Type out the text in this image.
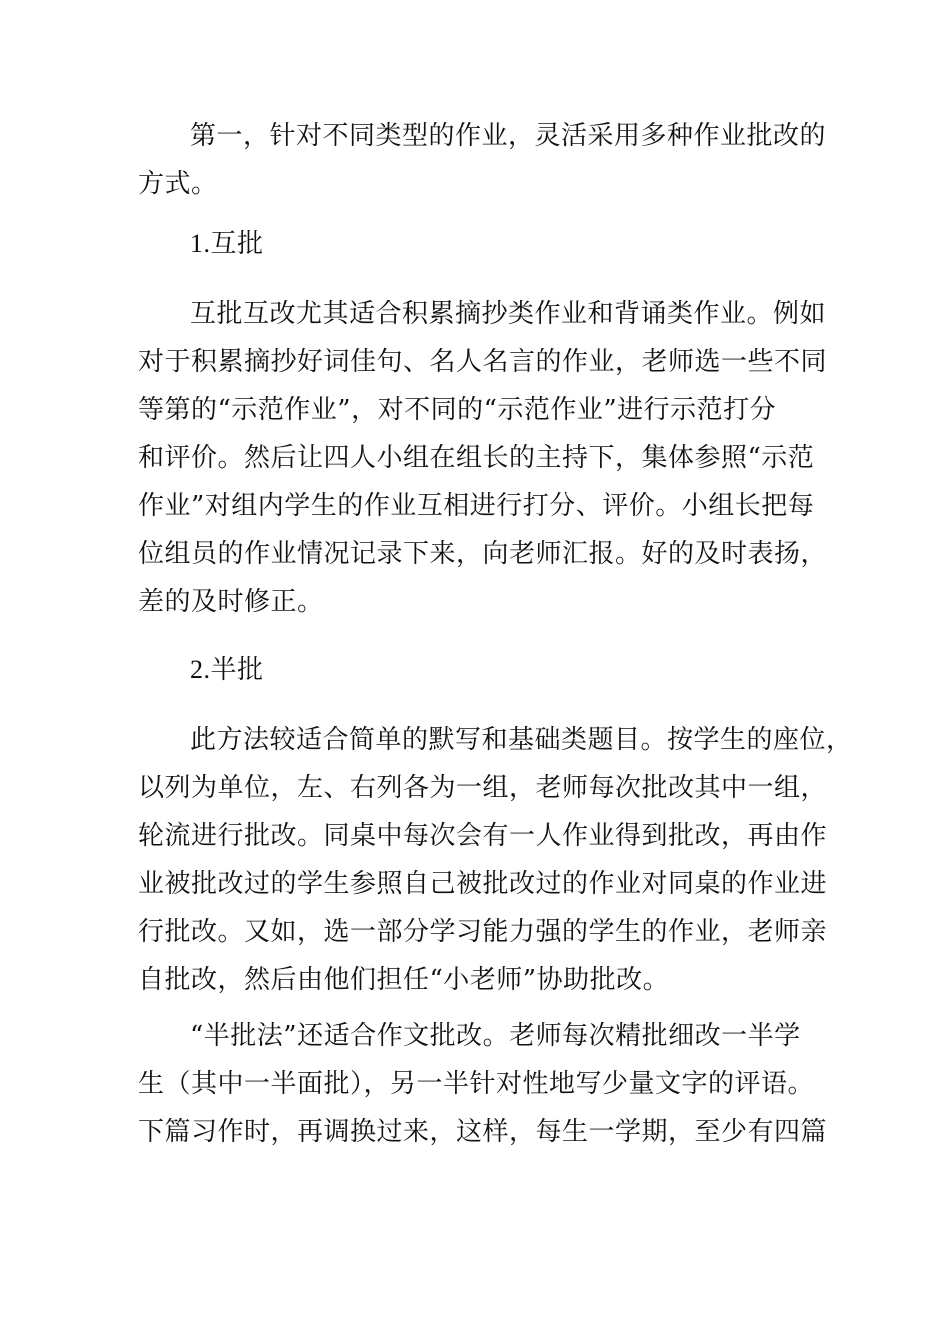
第一，针对不同类型的作业，灵活采用多种作业批改的
方式。

1.互批

互批互改尤其适合积累摘抄类作业和背诵类作业。例如
对于积累摘抄好词佳句、名人名言的作业，老师选一些不同
等第的“示范作业”，对不同的“示范作业”进行示范打分
和评价。然后让四人小组在组长的主持下，集体参照“示范
作业”对组内学生的作业互相进行打分、评价。小组长把每
位组员的作业情况记录下来，向老师汇报。好的及时表扬，
差的及时修正。

2.半批

此方法较适合简单的默写和基础类题目。按学生的座位，
以列为单位，左、右列各为一组，老师每次批改其中一组，
轮流进行批改。同桌中每次会有一人作业得到批改，再由作
业被批改过的学生参照自己被批改过的作业对同桌的作业进
行批改。又如，选一部分学习能力强的学生的作业，老师亲
自批改，然后由他们担任“小老师”协助批改。

“半批法”还适合作文批改。老师每次精批细改一半学
生（其中一半面批），另一半针对性地写少量文字的评语。
下篇习作时，再调换过来，这样，每生一学期，至少有四篇
